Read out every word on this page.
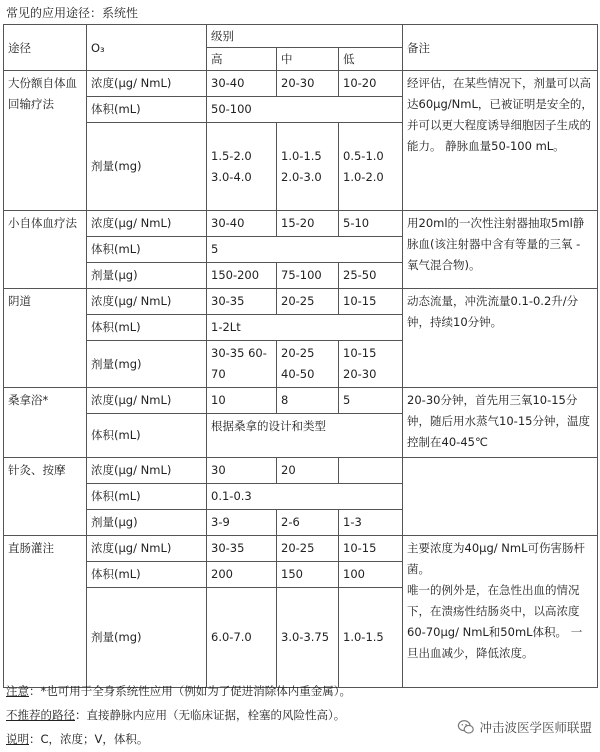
常见的应用途径：系统性
途径	O₃	级别			备注
		高	中	低	
大份额自体血回输疗法	浓度(μg/ NmL)	30-40	20-30	10-20	经评估，在某些情况下，剂量可以高达60μg/NmL，已被证明是安全的，并可以更大程度诱导细胞因子生成的能力。 静脉血量50-100 mL。
	体积(mL)	50-100			
	剂量(mg)	1.5-2.0 3.0-4.0	1.0-1.5 2.0-3.0	0.5-1.0 1.0-2.0	
小自体血疗法	浓度(μg/ NmL)	30-40	15-20	5-10	用20ml的一次性注射器抽取5ml静脉血(该注射器中含有等量的三氧 - 氧气混合物)。
	体积(mL)	5			
	剂量(μg)	150-200	75-100	25-50	
阴道	浓度(μg/ NmL)	30-35	20-25	10-15	动态流量，冲洗流量0.1-0.2升/分钟，持续10分钟。
	体积(mL)	1-2Lt			
	剂量(mg)	30-35 60-70	20-25 40-50	10-15 20-30	
桑拿浴*	浓度(μg/ NmL)	10	8	5	20-30分钟，首先用三氧10-15分钟，随后用水蒸气10-15分钟，温度控制在40-45℃
	体积(mL)	根据桑拿的设计和类型			
针灸、按摩	浓度(μg/ NmL)	30	20		
	体积(mL)	0.1-0.3			
	剂量(μg)	3-9	2-6	1-3	
直肠灌注	浓度(μg/ NmL)	30-35	20-25	10-15	主要浓度为40μg/ NmL可伤害肠杆菌。
唯一的例外是，在急性出血的情况下，在溃疡性结肠炎中，以高浓度60-70μg/ NmL和50mL体积。 一旦出血减少，降低浓度。

	体积(mL)	200	150	100	
	剂量(mg)	6.0-7.0	3.0-3.75	1.0-1.5	
注意：*也可用于全身系统性应用（例如为了促进消除体内重金属）。
不推荐的路径：直接静脉内应用（无临床证据，栓塞的风险性高）。
说明：C，浓度；V，体积。
冲击波医学医师联盟
